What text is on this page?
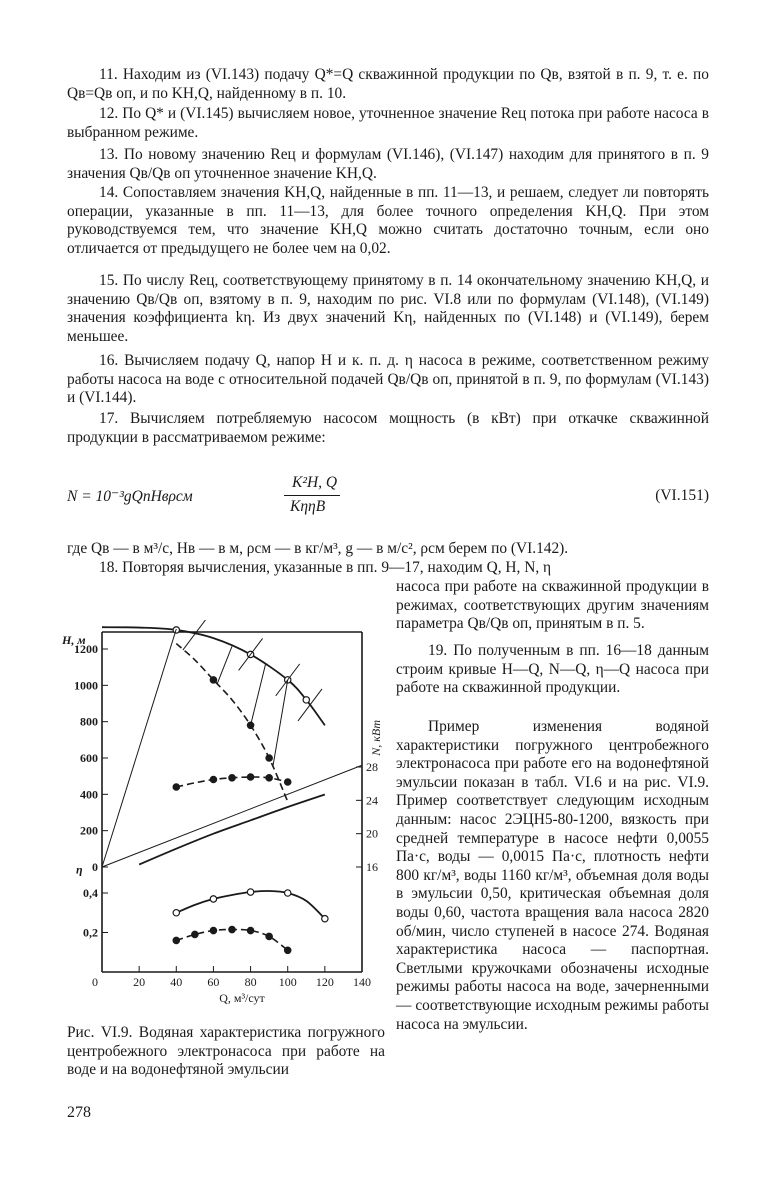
11. Находим из (VI.143) подачу Q*=Q скважинной продукции по Qв, взятой в п. 9, т. е. по Qв=Qв оп, и по KH,Q, найденному в п. 10.

12. По Q* и (VI.145) вычисляем новое, уточненное значение Reц потока при работе насоса в выбранном режиме.

13. По новому значению Reц и формулам (VI.146), (VI.147) находим для принятого в п. 9 значения Qв/Qв оп уточненное значение KH,Q.

14. Сопоставляем значения KH,Q, найденные в пп. 11—13, и решаем, следует ли повторять операции, указанные в пп. 11—13, для более точного определения KH,Q. При этом руководствуемся тем, что значение KH,Q можно считать достаточно точным, если оно отличается от предыдущего не более чем на 0,02.

15. По числу Reц, соответствующему принятому в п. 14 окончательному значению KH,Q, и значению Qв/Qв оп, взятому в п. 9, находим по рис. VI.8 или по формулам (VI.148), (VI.149) значения коэффициента kη. Из двух значений Kη, найденных по (VI.148) и (VI.149), берем меньшее.

16. Вычисляем подачу Q, напор H и к. п. д. η насоса в режиме, соответственном режиму работы насоса на воде с относительной подачей Qв/Qв оп, принятой в п. 9, по формулам (VI.143) и (VI.144).

17. Вычисляем потребляемую насосом мощность (в кВт) при откачке скважинной продукции в рассматриваемом режиме:

N = 10⁻³gQпHвρсм
K²H, Q
KηηВ
(VI.151)

где Qв — в м³/с, Hв — в м, ρсм — в кг/м³, g — в м/с², ρсм берем по (VI.142).

18. Повторяя вычисления, указанные в пп. 9—17, находим Q, H, N, η

насоса при работе на скважинной продукции в режимах, соответствующих другим значениям параметра Qв/Qв оп, принятым в п. 5.

19. По полученным в пп. 16—18 данным строим кривые H—Q, N—Q, η—Q насоса при работе на скважинной продукции.

Пример изменения водяной характеристики погружного центробежного электронасоса при работе его на водонефтяной эмульсии показан в табл. VI.6 и на рис. VI.9. Пример соответствует следующим исходным данным: насос 2ЭЦН5-80-1200, вязкость при средней температуре в насосе нефти 0,0055 Па·с, воды — 0,0015 Па·с, плотность нефти 800 кг/м³, воды 1160 кг/м³, объемная доля воды в эмульсии 0,50, критическая объемная доля воды 0,60, частота вращения вала насоса 2820 об/мин, число ступеней в насосе 274. Водяная характеристика насоса — паспортная. Светлыми кружочками обозначены исходные режимы работы насоса на воде, зачерненными — соответствующие исходным режимы работы насоса на эмульсии.

0	20 40 60 80 100 120 140
Q, м³/сут
1200
1000
800
600
400
200
0
H, м
0,4
0,2
η
28
24
20
16
N, кВт

Рис. VI.9. Водяная характеристика погружного центробежного электронасоса при работе на воде и на водонефтяной эмульсии

278
